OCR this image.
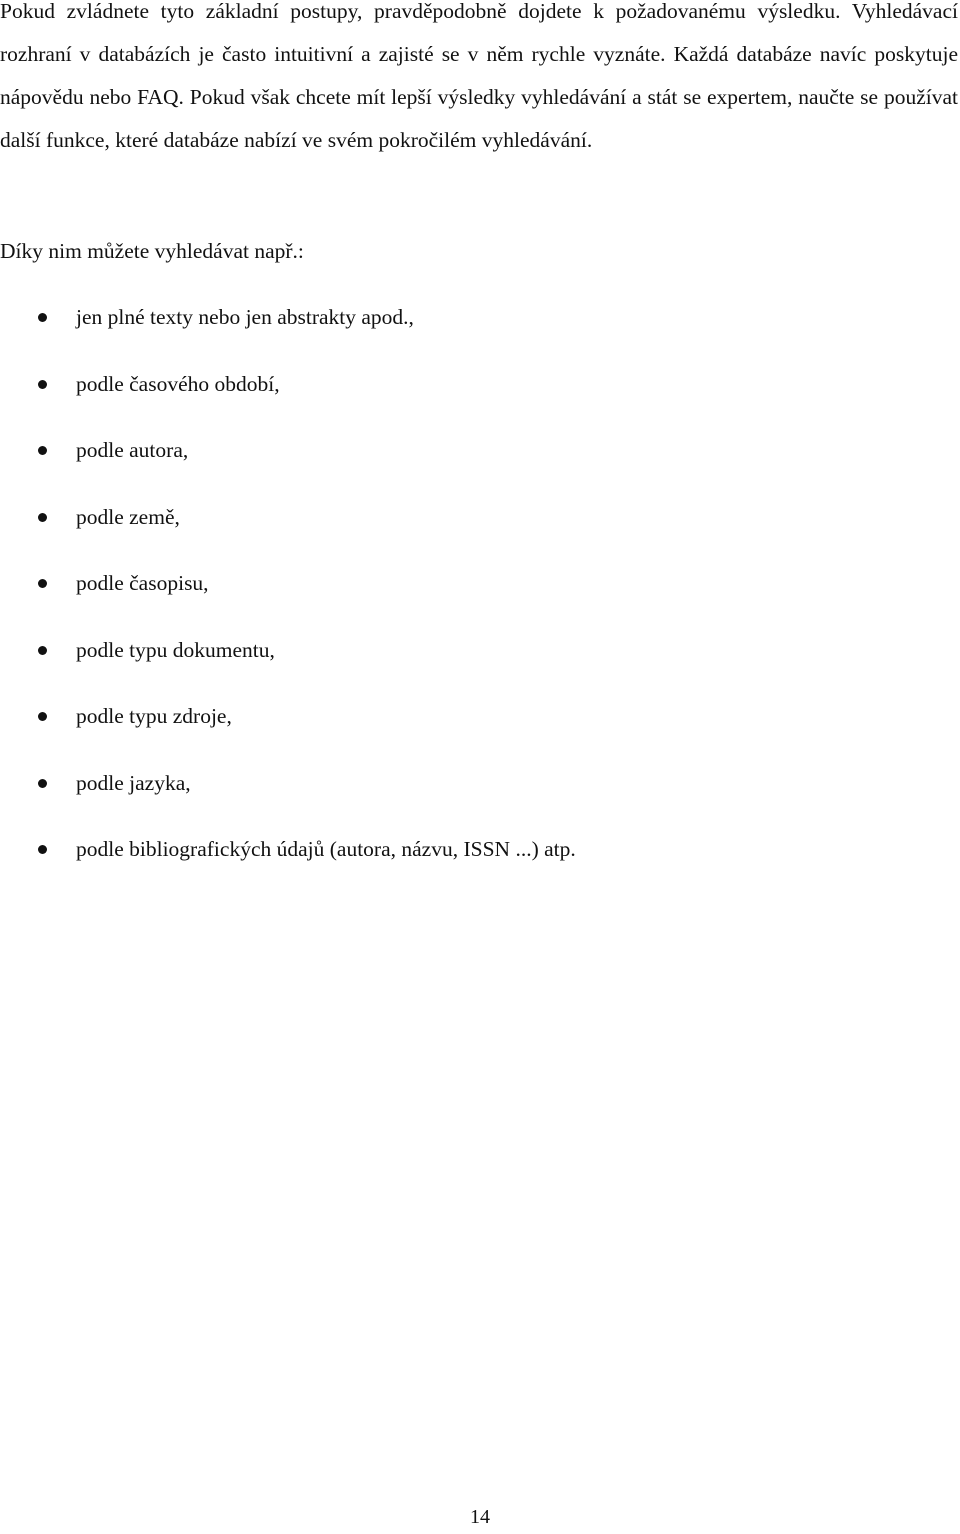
Pokud zvládnete tyto základní postupy, pravděpodobně dojdete k požadovanému výsledku. Vyhledávací rozhraní v databázích je často intuitivní a zajisté se v něm rychle vyznáte. Každá databáze navíc poskytuje nápovědu nebo FAQ. Pokud však chcete mít lepší výsledky vyhledávání a stát se expertem, naučte se používat další funkce, které databáze nabízí ve svém pokročilém vyhledávání.

Díky nim můžete vyhledávat např.:

jen plné texty nebo jen abstrakty apod.,
podle časového období,
podle autora,
podle země,
podle časopisu,
podle typu dokumentu,
podle typu zdroje,
podle jazyka,
podle bibliografických údajů (autora, názvu, ISSN ...) atp.
14
